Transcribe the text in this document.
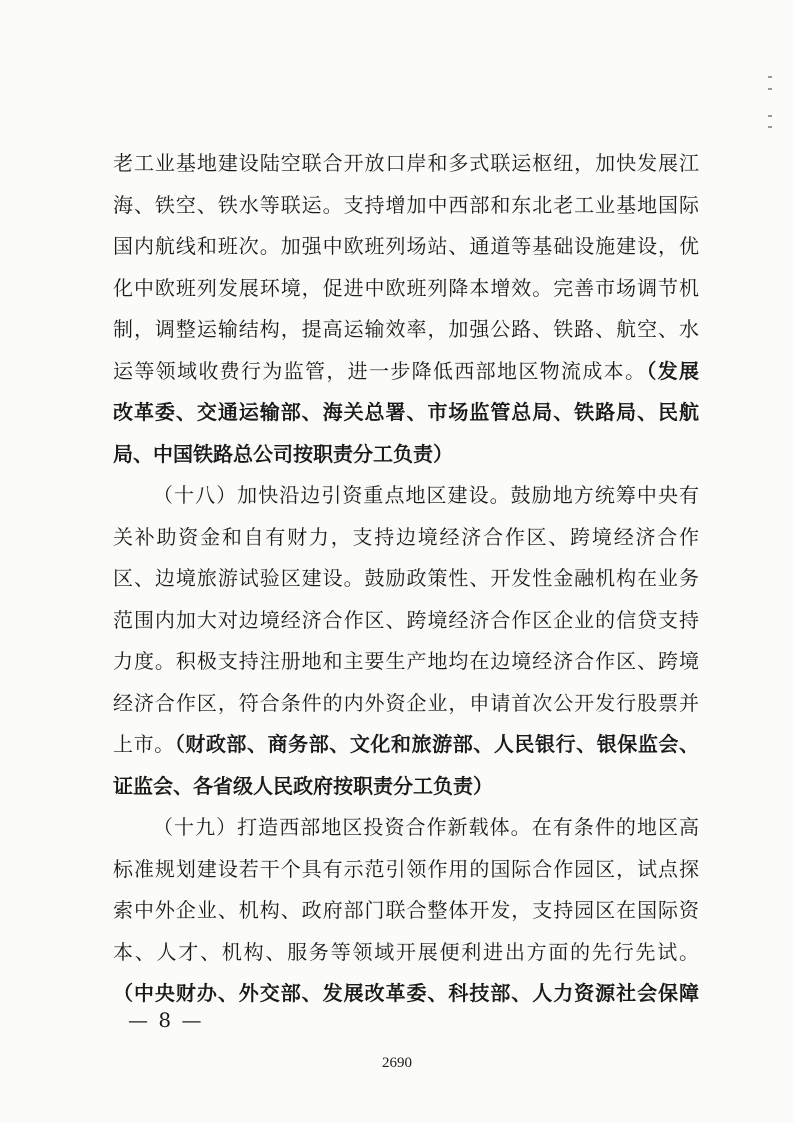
老工业基地建设陆空联合开放口岸和多式联运枢纽，加快发展江
海、铁空、铁水等联运。支持增加中西部和东北老工业基地国际
国内航线和班次。加强中欧班列场站、通道等基础设施建设，优
化中欧班列发展环境，促进中欧班列降本增效。完善市场调节机
制，调整运输结构，提高运输效率，加强公路、铁路、航空、水
运等领域收费行为监管，进一步降低西部地区物流成本。（发展
改革委、交通运输部、海关总署、市场监管总局、铁路局、民航
局、中国铁路总公司按职责分工负责）
（十八）加快沿边引资重点地区建设。鼓励地方统筹中央有
关补助资金和自有财力，支持边境经济合作区、跨境经济合作
区、边境旅游试验区建设。鼓励政策性、开发性金融机构在业务
范围内加大对边境经济合作区、跨境经济合作区企业的信贷支持
力度。积极支持注册地和主要生产地均在边境经济合作区、跨境
经济合作区，符合条件的内外资企业，申请首次公开发行股票并
上市。（财政部、商务部、文化和旅游部、人民银行、银保监会、
证监会、各省级人民政府按职责分工负责）
（十九）打造西部地区投资合作新载体。在有条件的地区高
标准规划建设若干个具有示范引领作用的国际合作园区，试点探
索中外企业、机构、政府部门联合整体开发，支持园区在国际资
本、人才、机构、服务等领域开展便利进出方面的先行先试。
（中央财办、外交部、发展改革委、科技部、人力资源社会保障
— 8 —
2690
